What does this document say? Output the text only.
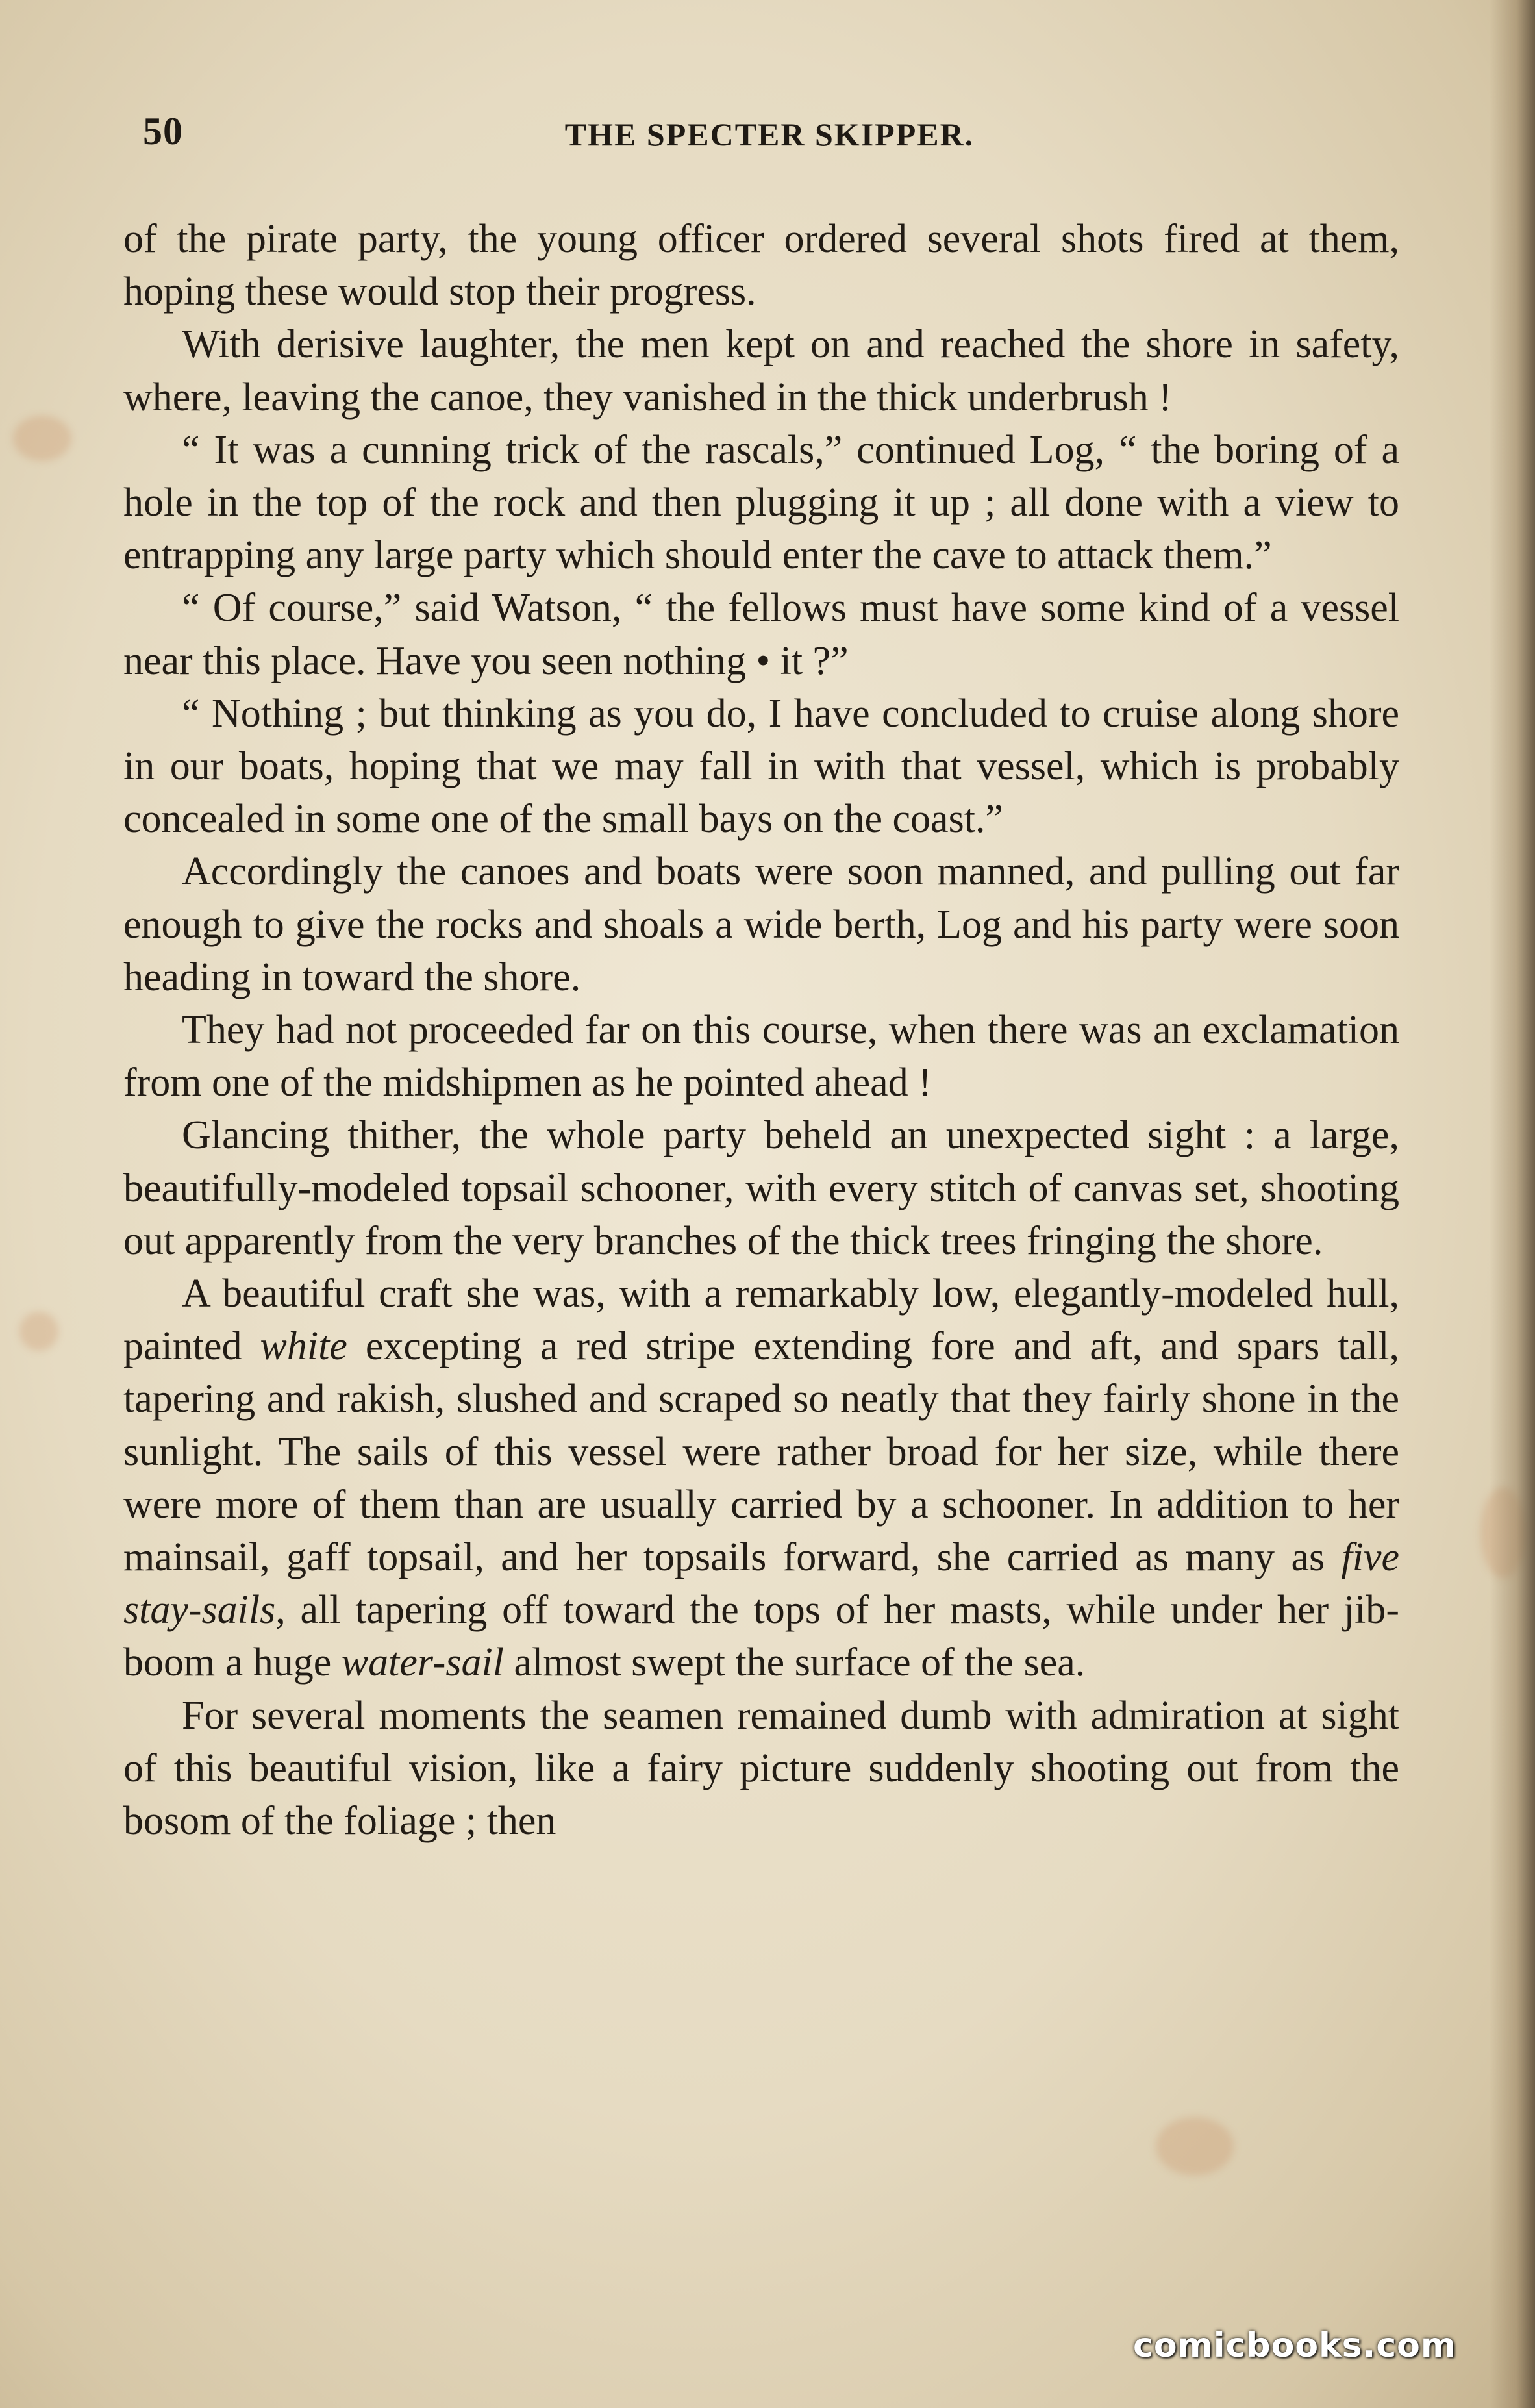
50	THE SPECTER SKIPPER.

of the pirate party, the young officer ordered several shots fired at them, hoping these would stop their progress.

With derisive laughter, the men kept on and reached the shore in safety, where, leaving the canoe, they vanished in the thick underbrush !

“ It was a cunning trick of the rascals,” continued Log, “ the boring of a hole in the top of the rock and then plugging it up ; all done with a view to entrapping any large party which should enter the cave to attack them.”

“ Of course,” said Watson, “ the fellows must have some kind of a vessel near this place. Have you seen nothing • it ?”

“ Nothing ; but thinking as you do, I have concluded to cruise along shore in our boats, hoping that we may fall in with that vessel, which is probably concealed in some one of the small bays on the coast.”

Accordingly the canoes and boats were soon manned, and pulling out far enough to give the rocks and shoals a wide berth, Log and his party were soon heading in toward the shore.

They had not proceeded far on this course, when there was an exclamation from one of the midshipmen as he pointed ahead !

Glancing thither, the whole party beheld an unexpected sight : a large, beautifully-modeled topsail schooner, with every stitch of canvas set, shooting out apparently from the very branches of the thick trees fringing the shore.

A beautiful craft she was, with a remarkably low, elegantly-modeled hull, painted white excepting a red stripe extending fore and aft, and spars tall, tapering and rakish, slushed and scraped so neatly that they fairly shone in the sunlight. The sails of this vessel were rather broad for her size, while there were more of them than are usually carried by a schooner. In addition to her mainsail, gaff topsail, and her topsails forward, she carried as many as five stay-sails, all tapering off toward the tops of her masts, while under her jib-boom a huge water-sail almost swept the surface of the sea.

For several moments the seamen remained dumb with admiration at sight of this beautiful vision, like a fairy picture suddenly shooting out from the bosom of the foliage ; then

comicbooks.com
